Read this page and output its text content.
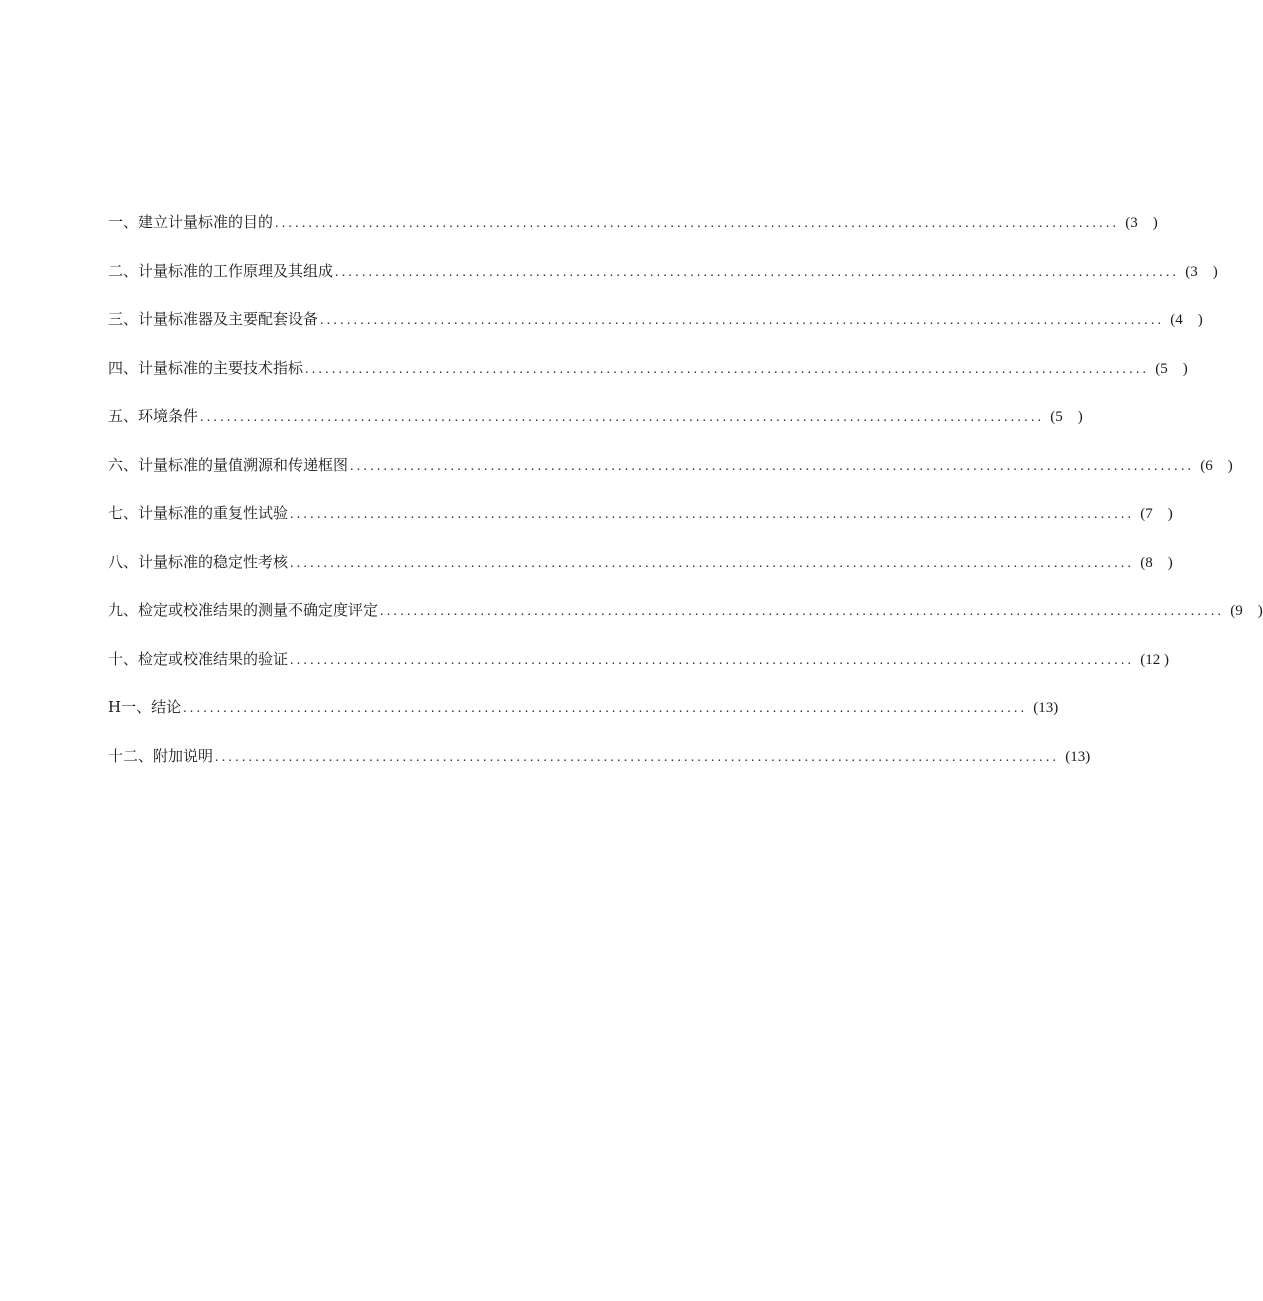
一、建立计量标准的目的 .............................................................................................................................. (3　)
二、计量标准的工作原理及其组成 .............................................................................................................................. (3　)
三、计量标准器及主要配套设备 .............................................................................................................................. (4　)
四、计量标准的主要技术指标 .............................................................................................................................. (5　)
五、环境条件 .............................................................................................................................. (5　)
六、计量标准的量值溯源和传递框图 .............................................................................................................................. (6　)
七、计量标准的重复性试验 .............................................................................................................................. (7　)
八、计量标准的稳定性考核 .............................................................................................................................. (8　)
九、检定或校准结果的测量不确定度评定 .............................................................................................................................. (9　)
十、检定或校准结果的验证 .............................................................................................................................. (12 )
H一、结论 .............................................................................................................................. (13)
十二、附加说明 .............................................................................................................................. (13)
